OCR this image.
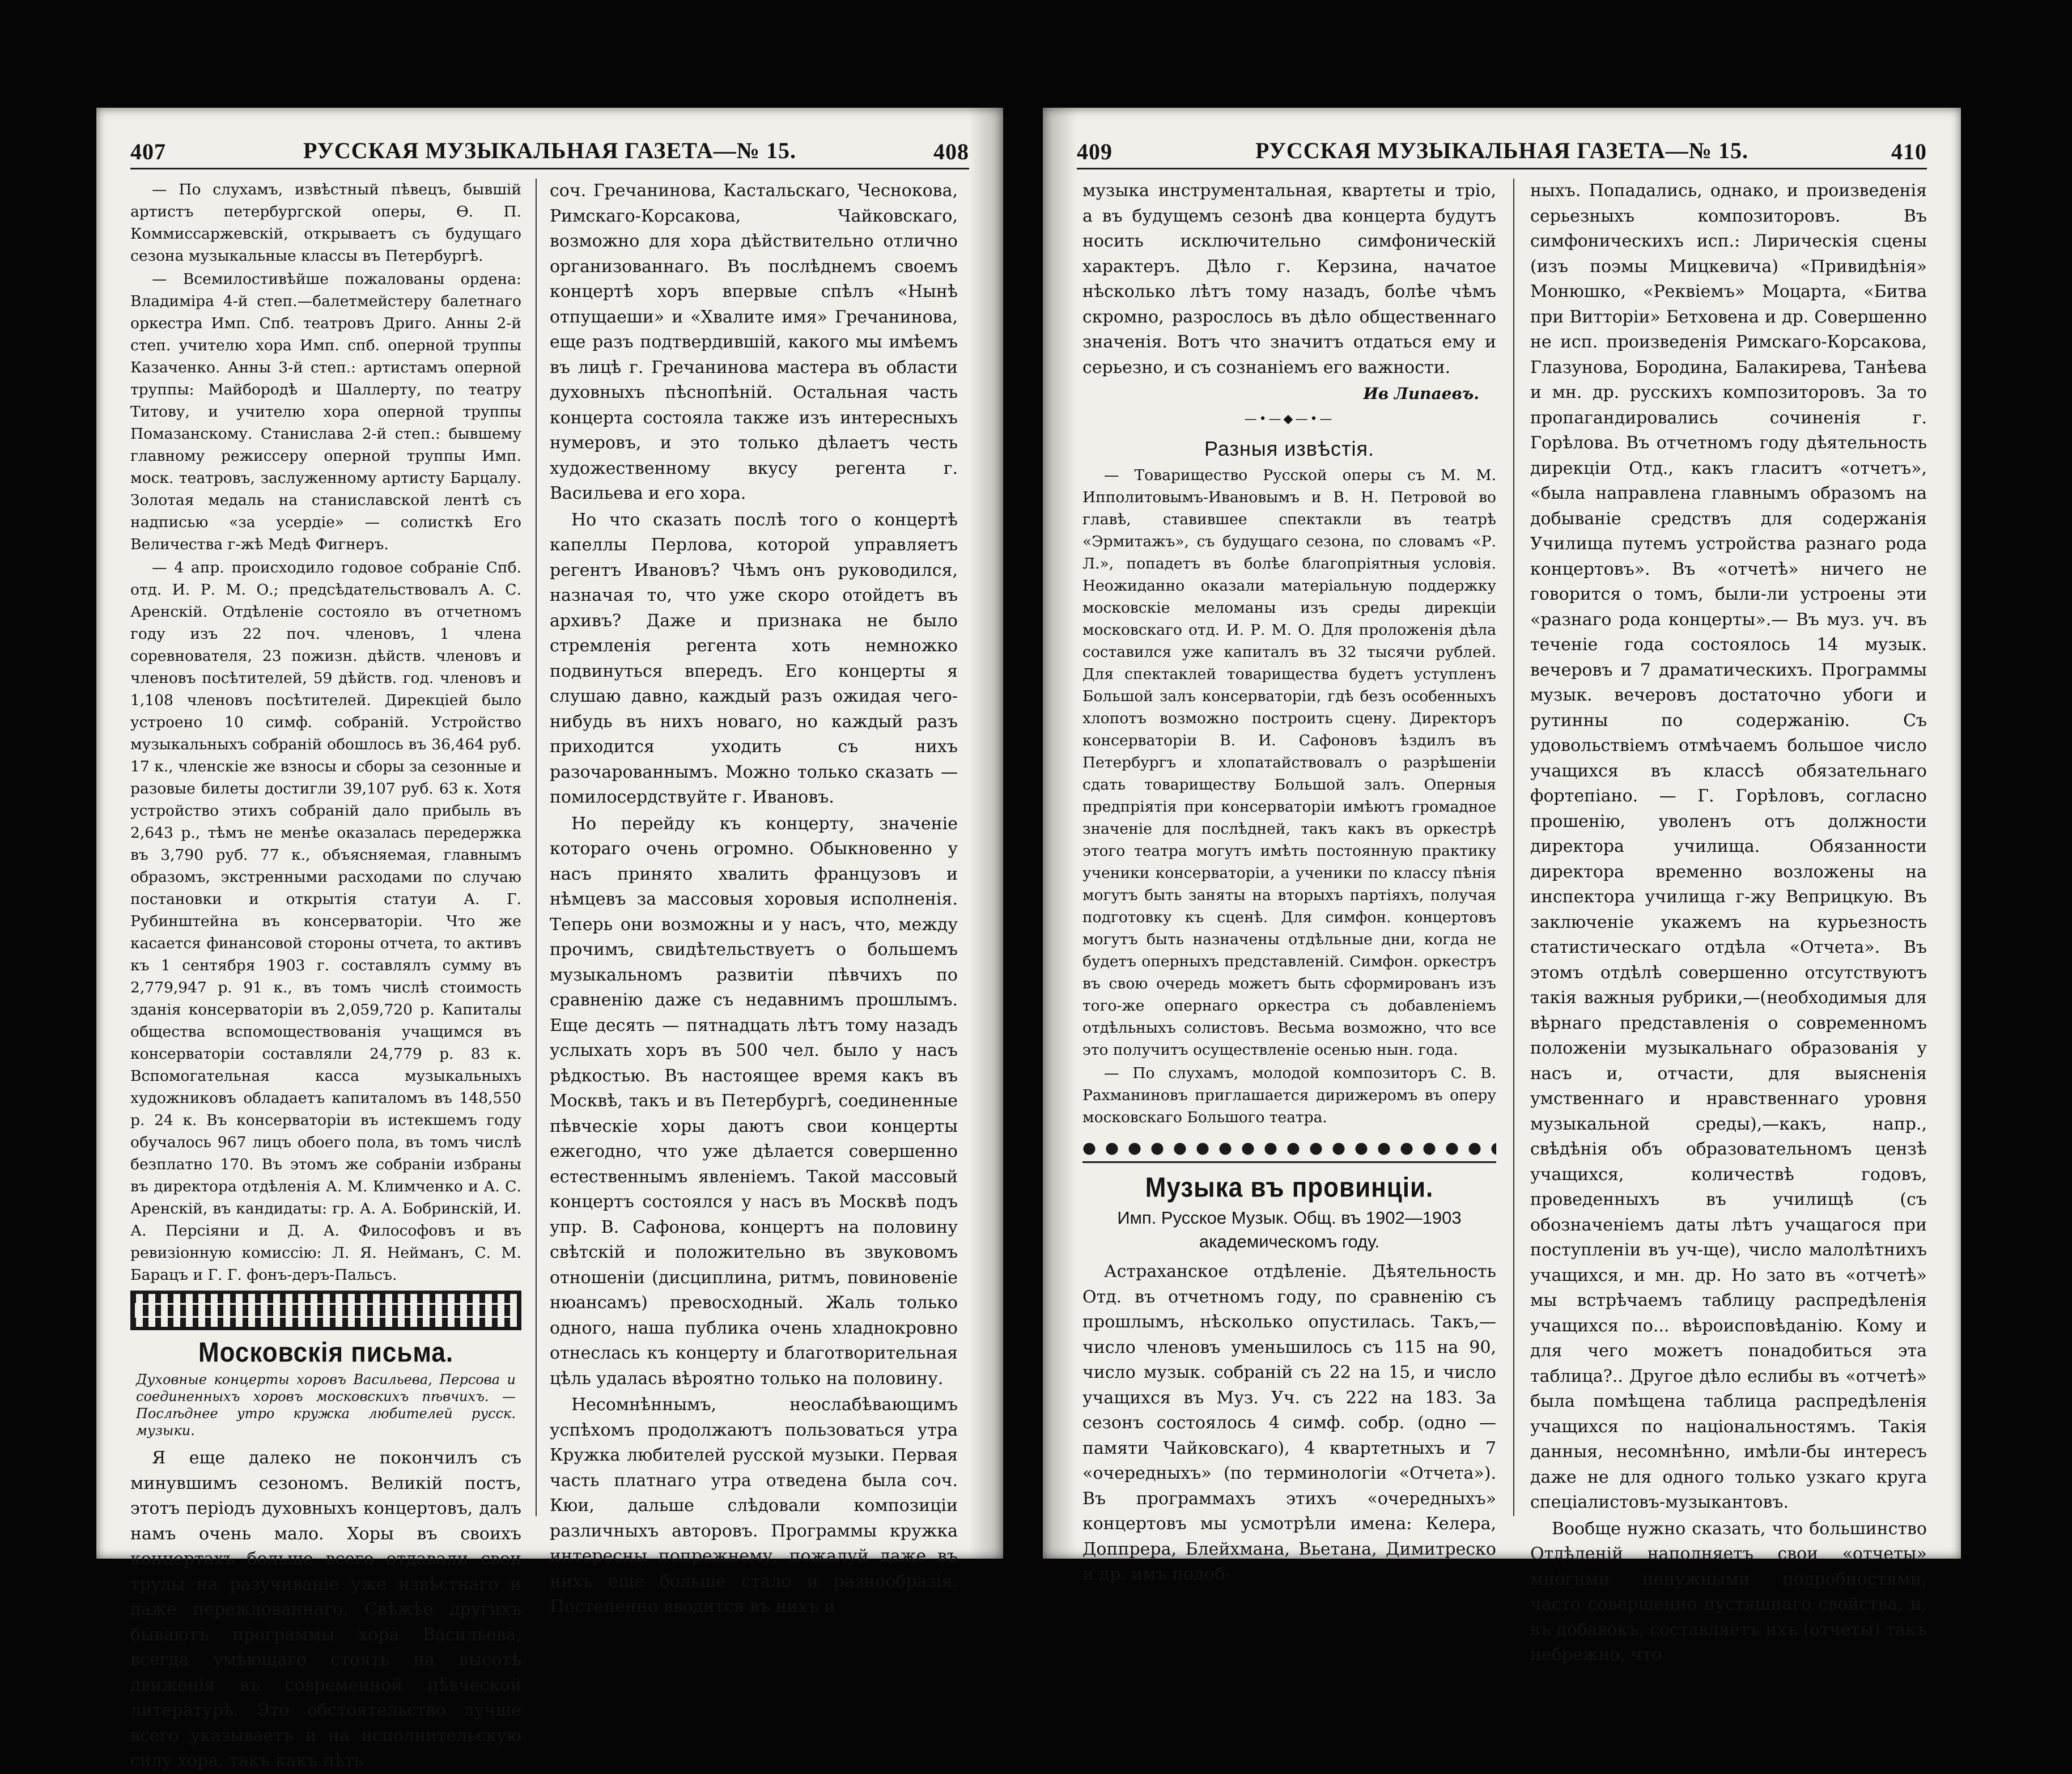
407	РУССКАЯ МУЗЫКАЛЬНАЯ ГАЗЕТА—№ 15.	408

— По слухамъ, извѣстный пѣвецъ, бывшій артистъ петербургской оперы, Ѳ. П. Коммиссаржевскій, открываетъ съ будущаго сезона музыкальные классы въ Петербургѣ.

— Всемилостивѣйше пожалованы ордена: Владиміра 4-й степ.—балетмейстеру балетнаго оркестра Имп. Спб. театровъ Дриго. Анны 2-й степ. учителю хора Имп. спб. оперной труппы Казаченко. Анны 3-й степ.: артистамъ оперной труппы: Майбородѣ и Шаллерту, по театру Титову, и учителю хора оперной труппы Помазанскому. Станислава 2-й степ.: бывшему главному режиссеру оперной труппы Имп. моск. театровъ, заслуженному артисту Барцалу. Золотая медаль на станиславской лентѣ съ надписью «за усердіе» — солисткѣ Его Величества г-жѣ Медѣ Фигнеръ.

— 4 апр. происходило годовое собраніе Спб. отд. И. Р. М. О.; предсѣдательствовалъ А. С. Аренскій. Отдѣленіе состояло въ отчетномъ году изъ 22 поч. членовъ, 1 члена соревнователя, 23 пожизн. дѣйств. членовъ и членовъ посѣтителей, 59 дѣйств. год. членовъ и 1,108 членовъ посѣтителей. Дирекціей было устроено 10 симф. собраній. Устройство музыкальныхъ собраній обошлось въ 36,464 руб. 17 к., членскіе же взносы и сборы за сезонные и разовые билеты достигли 39,107 руб. 63 к. Хотя устройство этихъ собраній дало прибыль въ 2,643 р., тѣмъ не менѣе оказалась передержка въ 3,790 руб. 77 к., объясняемая, главнымъ образомъ, экстренными расходами по случаю постановки и открытія статуи А. Г. Рубинштейна въ консерваторіи. Что же касается финансовой стороны отчета, то активъ къ 1 сентября 1903 г. составлялъ сумму въ 2,779,947 р. 91 к., въ томъ числѣ стоимость зданія консерваторіи въ 2,059,720 р. Капиталы общества вспомоществованія учащимся въ консерваторіи составляли 24,779 р. 83 к. Вспомогательная касса музыкальныхъ художниковъ обладаетъ капиталомъ въ 148,550 р. 24 к. Въ консерваторіи въ истекшемъ году обучалось 967 лицъ обоего пола, въ томъ числѣ безплатно 170. Въ этомъ же собраніи избраны въ директора отдѣленія А. М. Климченко и А. С. Аренскій, въ кандидаты: гр. А. А. Бобринскій, И. А. Персіяни и Д. А. Философовъ и въ ревизіонную комиссію: Л. Я. Нейманъ, С. М. Барацъ и Г. Г. фонъ-деръ-Пальсъ.

Московскія письма.
Духовные концерты хоровъ Васильева, Персова и соединенныхъ хоровъ московскихъ пѣвчихъ. — Послѣднее утро кружка любителей русск. музыки.

Я еще далеко не покончилъ съ минувшимъ сезономъ. Великій постъ, этотъ періодъ духовныхъ концертовъ, далъ намъ очень мало. Хоры въ своихъ концертахъ больше всего отдавали свои труды на разучиваніе уже извѣстнаго и даже переждованнаго. Свѣжѣе другихъ бываютъ программы хора Васильева, всегда умѣющаго стоять на высотѣ движенія въ современной пѣвческой литературѣ. Это обстоятельство лучше всего указываетъ и на исполнительскую силу хора, такъ какъ пѣть

соч. Гречанинова, Кастальскаго, Чеснокова, Римскаго-Корсакова, Чайковскаго, возможно для хора дѣйствительно отлично организованнаго. Въ послѣднемъ своемъ концертѣ хоръ впервые спѣлъ «Нынѣ отпущаеши» и «Хвалите имя» Гречанинова, еще разъ подтвердившій, какого мы имѣемъ въ лицѣ г. Гречанинова мастера въ области духовныхъ пѣснопѣній. Остальная часть концерта состояла также изъ интересныхъ нумеровъ, и это только дѣлаетъ честь художественному вкусу регента г. Васильева и его хора.

Но что сказать послѣ того о концертѣ капеллы Перлова, которой управляетъ регентъ Ивановъ? Чѣмъ онъ руководился, назначая то, что уже скоро отойдетъ въ архивъ? Даже и признака не было стремленія регента хоть немножко подвинуться впередъ. Его концерты я слушаю давно, каждый разъ ожидая чего-нибудь въ нихъ новаго, но каждый разъ приходится уходить съ нихъ разочарованнымъ. Можно только сказать — помилосердствуйте г. Ивановъ.

Но перейду къ концерту, значеніе котораго очень огромно. Обыкновенно у насъ принято хвалить французовъ и нѣмцевъ за массовыя хоровыя исполненія. Теперь они возможны и у насъ, что, между прочимъ, свидѣтельствуетъ о большемъ музыкальномъ развитіи пѣвчихъ по сравненію даже съ недавнимъ прошлымъ. Еще десять — пятнадцать лѣтъ тому назадъ услыхать хоръ въ 500 чел. было у насъ рѣдкостью. Въ настоящее время какъ въ Москвѣ, такъ и въ Петербургѣ, соединенные пѣвческіе хоры даютъ свои концерты ежегодно, что уже дѣлается совершенно естественнымъ явленіемъ. Такой массовый концертъ состоялся у насъ въ Москвѣ подъ упр. В. Сафонова, концертъ на половину свѣтскій и положительно въ звуковомъ отношеніи (дисциплина, ритмъ, повиновеніе нюансамъ) превосходный. Жаль только одного, наша публика очень хладнокровно отнеслась къ концерту и благотворительная цѣль удалась вѣроятно только на половину.

Несомнѣннымъ, неослабѣвающимъ успѣхомъ продолжаютъ пользоваться утра Кружка любителей русской музыки. Первая часть платнаго утра отведена была соч. Кюи, дальше слѣдовали композиціи различныхъ авторовъ. Программы кружка интересны попрежнему, пожалуй даже въ нихъ еще больше стало и разнообразія. Постепенно вводится въ нихъ и

409	РУССКАЯ МУЗЫКАЛЬНАЯ ГАЗЕТА—№ 15.	410

музыка инструментальная, квартеты и тріо, а въ будущемъ сезонѣ два концерта будутъ носить исключительно симфоническій характеръ. Дѣло г. Керзина, начатое нѣсколько лѣтъ тому назадъ, болѣе чѣмъ скромно, разрослось въ дѣло общественнаго значенія. Вотъ что значитъ отдаться ему и серьезно, и съ сознаніемъ его важности.

Ив Липаевъ.
—•—◆—•—
Разныя извѣстія.

— Товарищество Русской оперы съ М. М. Ипполитовымъ-Ивановымъ и В. Н. Петровой во главѣ, ставившее спектакли въ театрѣ «Эрмитажъ», съ будущаго сезона, по словамъ «Р. Л.», попадетъ въ болѣе благопріятныя условія. Неожиданно оказали матеріальную поддержку московскіе меломаны изъ среды дирекціи московскаго отд. И. Р. М. О. Для проложенія дѣла составился уже капиталъ въ 32 тысячи рублей. Для спектаклей товарищества будетъ уступленъ Большой залъ консерваторіи, гдѣ безъ особенныхъ хлопотъ возможно построить сцену. Директоръ консерваторіи В. И. Сафоновъ ѣздилъ въ Петербургъ и хлопатайствовалъ о разрѣшеніи сдать товариществу Большой залъ. Оперныя предпріятія при консерваторіи имѣютъ громадное значеніе для послѣдней, такъ какъ въ оркестрѣ этого театра могутъ имѣть постоянную практику ученики консерваторіи, а ученики по классу пѣнія могутъ быть заняты на вторыхъ партіяхъ, получая подготовку къ сценѣ. Для симфон. концертовъ могутъ быть назначены отдѣльные дни, когда не будетъ оперныхъ представленій. Симфон. оркестръ въ свою очередь можетъ быть сформированъ изъ того-же опернаго оркестра съ добавленіемъ отдѣльныхъ солистовъ. Весьма возможно, что все это получитъ осуществленіе осенью нын. года.

— По слухамъ, молодой композиторъ С. В. Рахманиновъ приглашается дирижеромъ въ оперу московскаго Большого театра.

Музыка въ провинціи.
Имп. Русское Музык. Общ. въ 1902—1903 академическомъ году.

Астраханское отдѣленіе. Дѣятельность Отд. въ отчетномъ году, по сравненію съ прошлымъ, нѣсколько опустилась. Такъ,—число членовъ уменьшилось съ 115 на 90, число музык. собраній съ 22 на 15, и число учащихся въ Муз. Уч. съ 222 на 183. За сезонъ состоялось 4 симф. собр. (одно — памяти Чайковскаго), 4 квартетныхъ и 7 «очередныхъ» (по терминологіи «Отчета»). Въ программахъ этихъ «очередныхъ» концертовъ мы усмотрѣли имена: Келера, Доппрера, Блейхмана, Вьетана, Димитреско и др. имъ подоб-

ныхъ. Попадались, однако, и произведенія серьезныхъ композиторовъ. Въ симфоническихъ исп.: Лирическія сцены (изъ поэмы Мицкевича) «Привидѣнія» Монюшко, «Реквіемъ» Моцарта, «Битва при Витторіи» Бетховена и др. Совершенно не исп. произведенія Римскаго-Корсакова, Глазунова, Бородина, Балакирева, Танѣева и мн. др. русскихъ композиторовъ. За то пропагандировались сочиненія г. Горѣлова. Въ отчетномъ году дѣятельность дирекціи Отд., какъ гласитъ «отчетъ», «была направлена главнымъ образомъ на добываніе средствъ для содержанія Училища путемъ устройства разнаго рода концертовъ». Въ «отчетѣ» ничего не говорится о томъ, были-ли устроены эти «разнаго рода концерты».— Въ муз. уч. въ теченіе года состоялось 14 музык. вечеровъ и 7 драматическихъ. Программы музык. вечеровъ достаточно убоги и рутинны по содержанію. Съ удовольствіемъ отмѣчаемъ большое число учащихся въ классѣ обязательнаго фортепіано. — Г. Горѣловъ, согласно прошенію, уволенъ отъ должности директора училища. Обязанности директора временно возложены на инспектора училища г-жу Веприцкую. Въ заключеніе укажемъ на курьезность статистическаго отдѣла «Отчета». Въ этомъ отдѣлѣ совершенно отсутствуютъ такія важныя рубрики,—(необходимыя для вѣрнаго представленія о современномъ положеніи музыкальнаго образованія у насъ и, отчасти, для выясненія умственнаго и нравственнаго уровня музыкальной среды),—какъ, напр., свѣдѣнія объ образовательномъ цензѣ учащихся, количествѣ годовъ, проведенныхъ въ училищѣ (съ обозначеніемъ даты лѣтъ учащагося при поступленіи въ уч-ще), число малолѣтнихъ учащихся, и мн. др. Но зато въ «отчетѣ» мы встрѣчаемъ таблицу распредѣленія учащихся по... вѣроисповѣданію. Кому и для чего можетъ понадобиться эта таблица?.. Другое дѣло еслибы въ «отчетѣ» была помѣщена таблица распредѣленія учащихся по національностямъ. Такія данныя, несомнѣнно, имѣли-бы интересъ даже не для одного только узкаго круга спеціалистовъ-музыкантовъ.

Вообще нужно сказать, что большинство Отдѣленій наполняетъ свои «отчеты» многими ненужными подробностями, часто совершенно пустяшнаго свойства, и, въ добавокъ, составляетъ ихъ (отчеты) такъ небрежно, что
